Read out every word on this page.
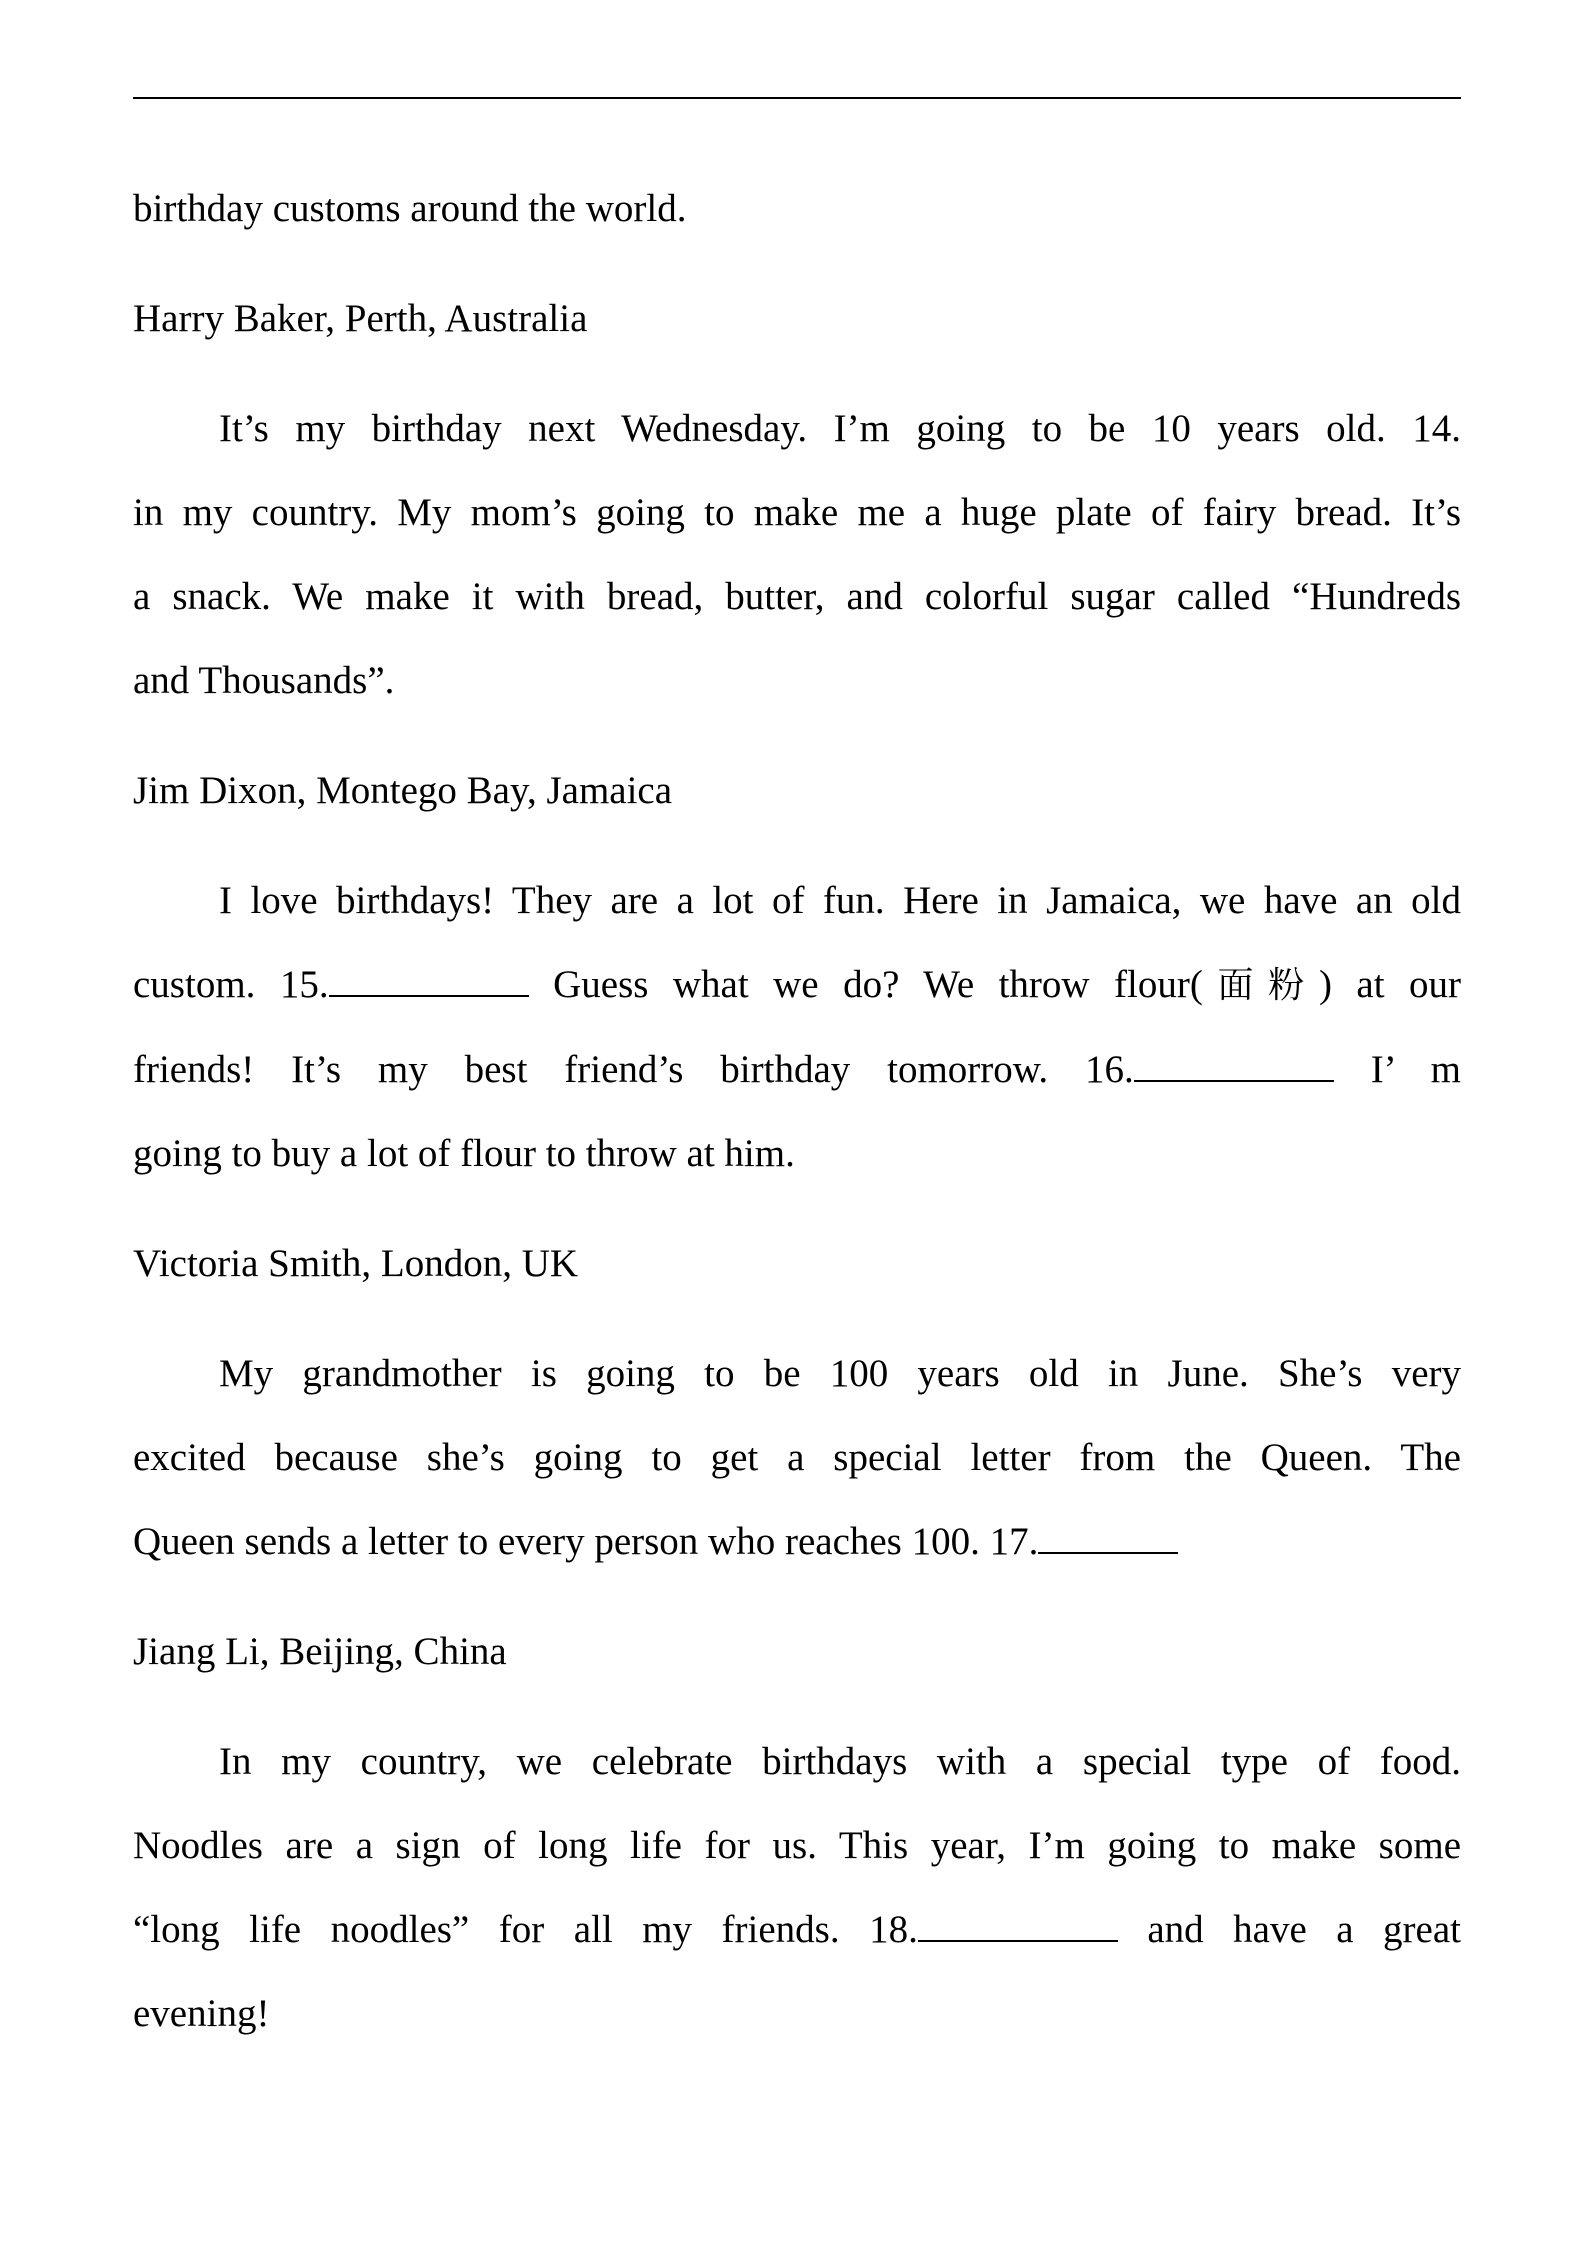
birthday customs around the world.
Harry Baker, Perth, Australia
It’s my birthday next Wednesday. I’m going to be 10 years old. 14.
in my country. My mom’s going to make me a huge plate of fairy bread. It’s
a snack. We make it with bread, butter, and colorful sugar called “Hundreds
and Thousands”.
Jim Dixon, Montego Bay, Jamaica
I love birthdays! They are a lot of fun. Here in Jamaica, we have an old
custom. 15.	Guess what we do? We throw flour(面粉) at our
friends! It’s my best friend’s birthday tomorrow. 16.	I’ m
going to buy a lot of flour to throw at him.
Victoria Smith, London, UK
My grandmother is going to be 100 years old in June. She’s very
excited because she’s going to get a special letter from the Queen. The
Queen sends a letter to every person who reaches 100. 17.
Jiang Li, Beijing, China
In my country, we celebrate birthdays with a special type of food.
Noodles are a sign of long life for us. This year, I’m going to make some
“long life noodles” for all my friends. 18.	and have a great
evening!
